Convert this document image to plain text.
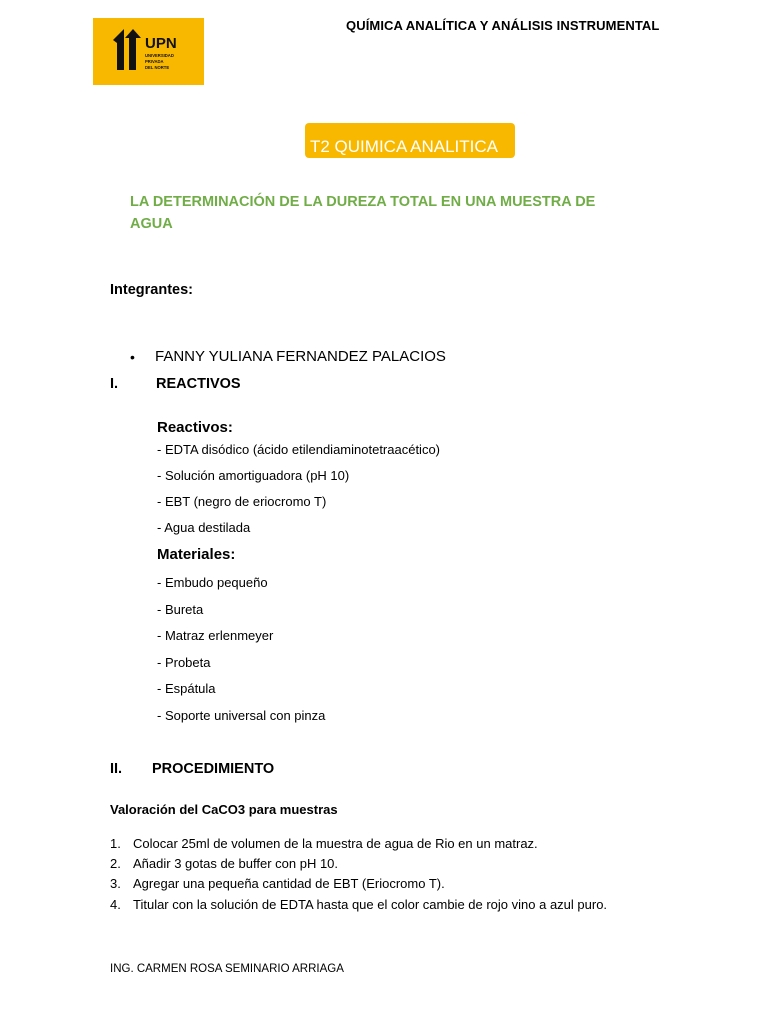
UPN
UNIVERSIDAD
PRIVADA
DEL NORTE
QUÍMICA ANALÍTICA Y ANÁLISIS INSTRUMENTAL
T2 QUIMICA ANALITICA
LA DETERMINACIÓN DE LA DUREZA TOTAL EN UNA MUESTRA DE AGUA
Integrantes:
• FANNY YULIANA FERNANDEZ PALACIOS
I.	REACTIVOS
Reactivos:
- EDTA disódico (ácido etilendiaminotetraacético)
- Solución amortiguadora (pH 10)
- EBT (negro de eriocromo T)
- Agua destilada
Materiales:
- Embudo pequeño
- Bureta
- Matraz erlenmeyer
- Probeta
- Espátula
- Soporte universal con pinza
II. PROCEDIMIENTO
Valoración del CaCO3 para muestras
1. Colocar 25ml de volumen de la muestra de agua de Rio en un matraz.
2. Añadir 3 gotas de buffer con pH 10.
3. Agregar una pequeña cantidad de EBT (Eriocromo T).
4. Titular con la solución de EDTA hasta que el color cambie de rojo vino a azul puro.
ING. CARMEN ROSA SEMINARIO ARRIAGA
